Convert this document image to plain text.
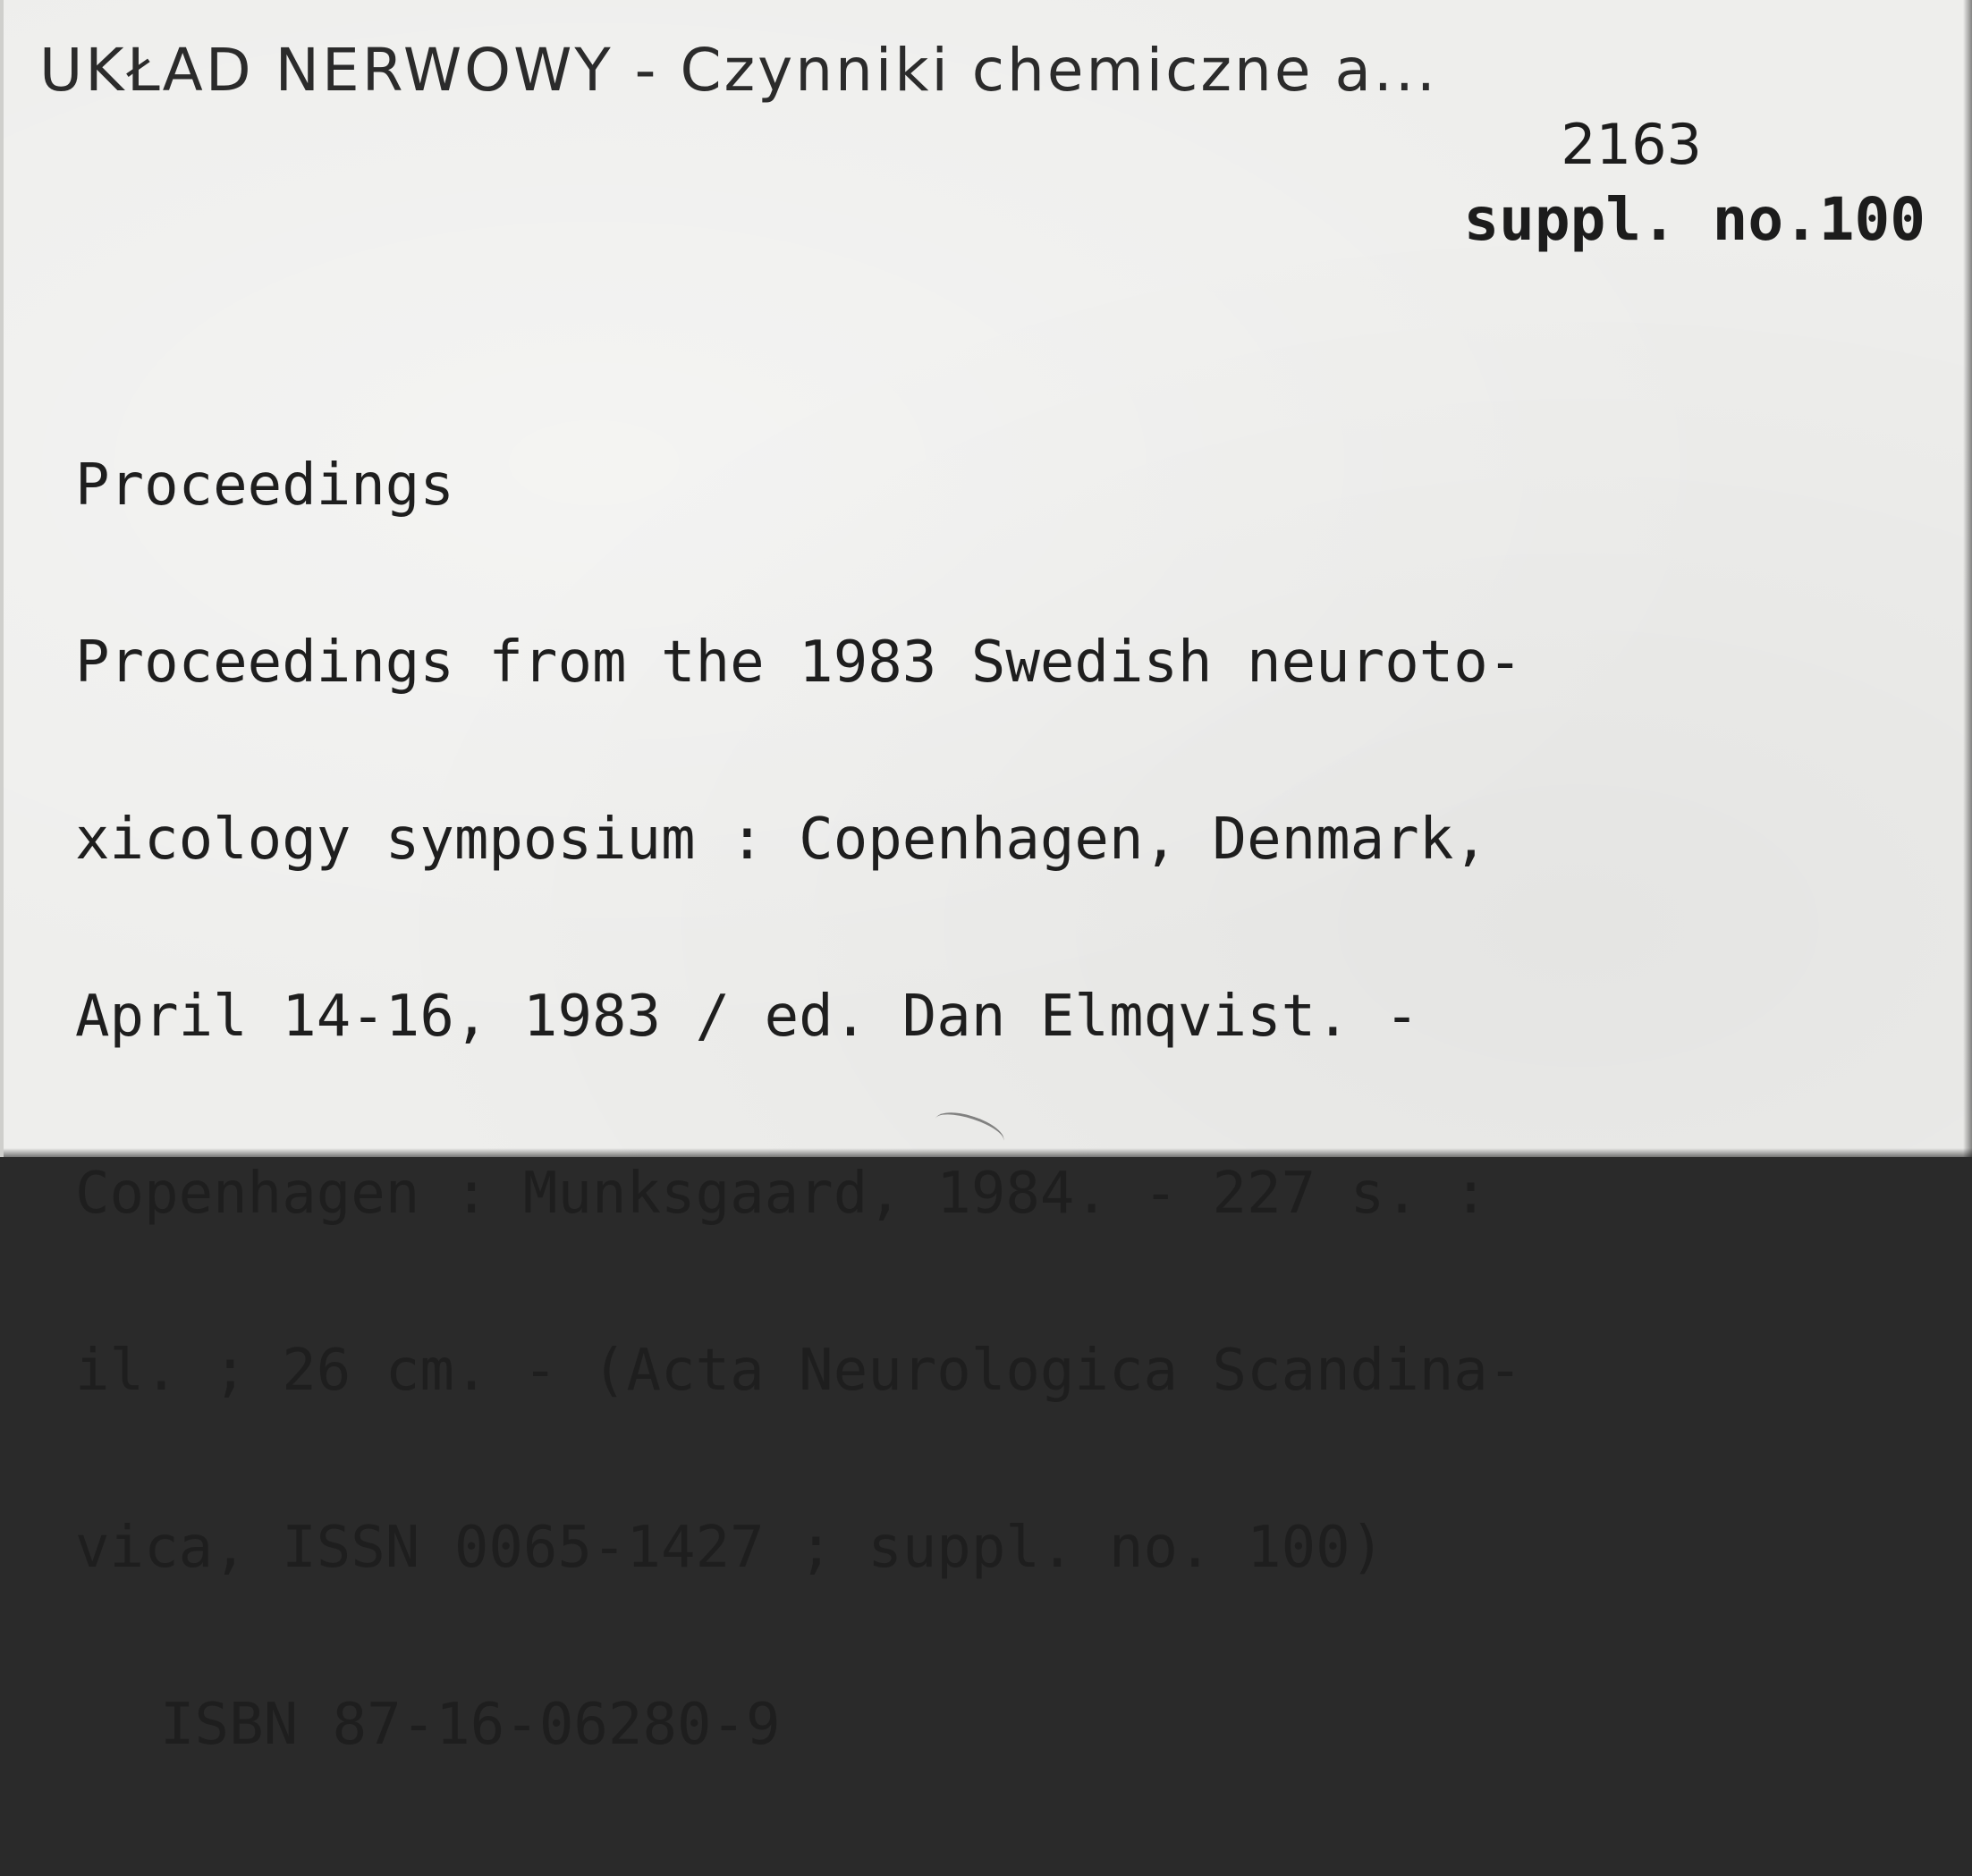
UKŁAD NERWOWY - Czynniki chemiczne a...
2163
suppl. no.100

Proceedings

Proceedings from the 1983 Swedish neuroto-

xicology symposium : Copenhagen, Denmark,

April 14-16, 1983 / ed. Dan Elmqvist. -

Copenhagen : Munksgaard, 1984. - 227 s. :

il. ; 26 cm. - (Acta Neurologica Scandina-

vica, ISSN 0065-1427 ; suppl. no. 100)

ISBN 87-16-06280-9
